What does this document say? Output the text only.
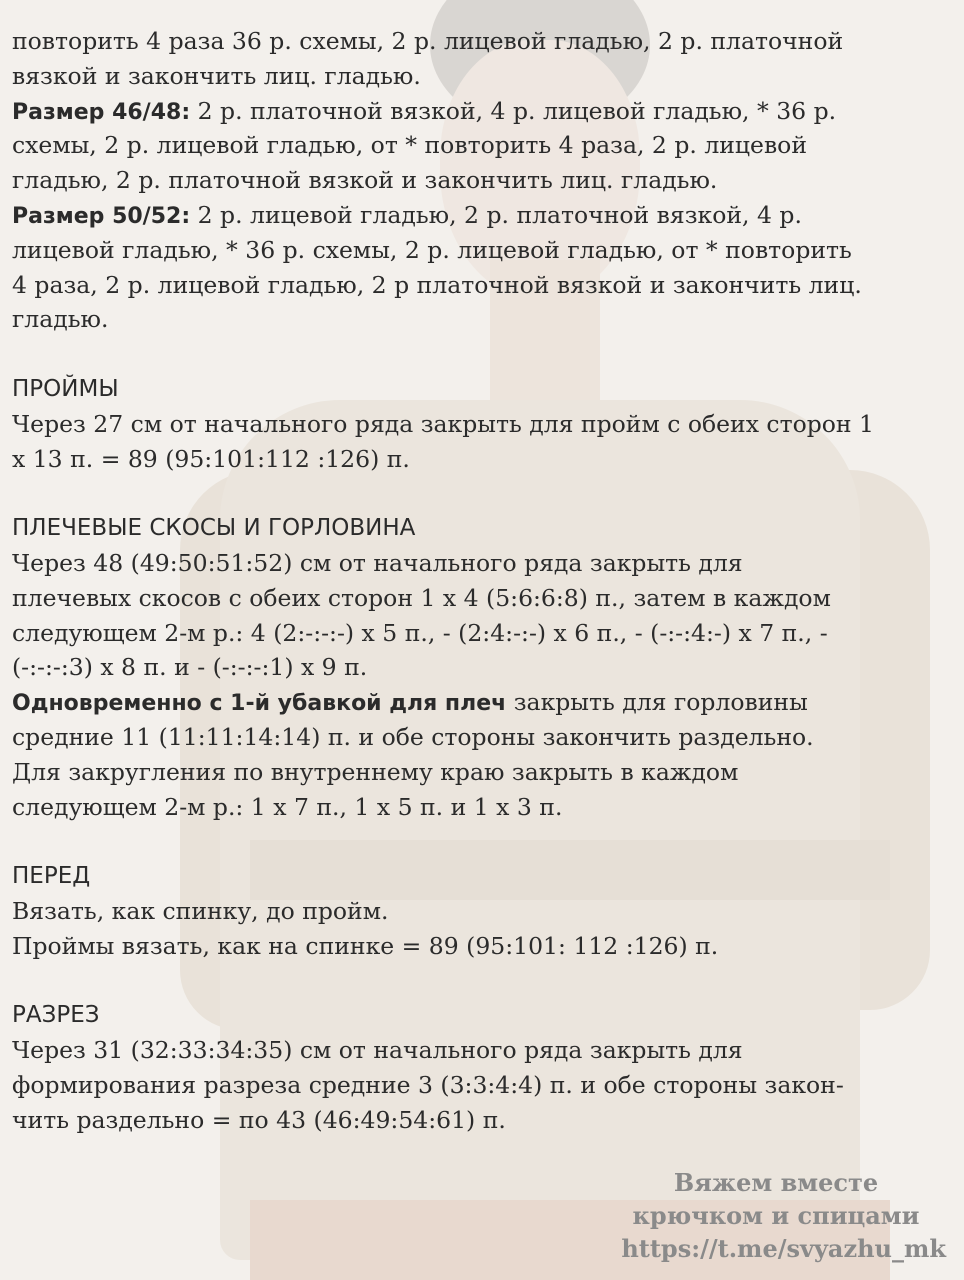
повторить 4 раза 36 р. схемы, 2 р. лицевой гладью, 2 р. платочной
вязкой и закончить лиц. гладью.
Размер 46/48: 2 р. платочной вязкой, 4 р. лицевой гладью, * 36 р.
схемы, 2 р. лицевой гладью, от * повторить 4 раза, 2 р. лицевой
гладью, 2 р. платочной вязкой и закончить лиц. гладью.
Размер 50/52: 2 р. лицевой гладью, 2 р. платочной вязкой, 4 р.
лицевой гладью, * 36 р. схемы, 2 р. лицевой гладью, от * повторить
4 раза, 2 р. лицевой гладью, 2 р платочной вязкой и закончить лиц.
гладью.
ПРОЙМЫ
Через 27 см от начального ряда закрыть для пройм с обеих сторон 1
х 13 п. = 89 (95:101:112 :126) п.
ПЛЕЧЕВЫЕ СКОСЫ И ГОРЛОВИНА
Через 48 (49:50:51:52) см от начального ряда закрыть для
плечевых скосов с обеих сторон 1 х 4 (5:6:6:8) п., затем в каждом
следующем 2-м р.: 4 (2:-:-:-) х 5 п., - (2:4:-:-) х 6 п., - (-:-:4:-) х 7 п., -
(-:-:-:3) х 8 п. и - (-:-:-:1) х 9 п.
Одновременно с 1-й убавкой для плеч закрыть для горловины
средние 11 (11:11:14:14) п. и обе стороны закончить раздельно.
Для закругления по внутреннему краю закрыть в каждом
следующем 2-м р.: 1 х 7 п., 1 х 5 п. и 1 х 3 п.
ПЕРЕД
Вязать, как спинку, до пройм.
Проймы вязать, как на спинке = 89 (95:101: 112 :126) п.
РАЗРЕЗ
Через 31 (32:33:34:35) см от начального ряда закрыть для
формирования разреза средние 3 (3:3:4:4) п. и обе стороны закон-
чить раздельно = по 43 (46:49:54:61) п.
Вяжем вместе
крючком и спицами
https://t.me/svyazhu_mk
